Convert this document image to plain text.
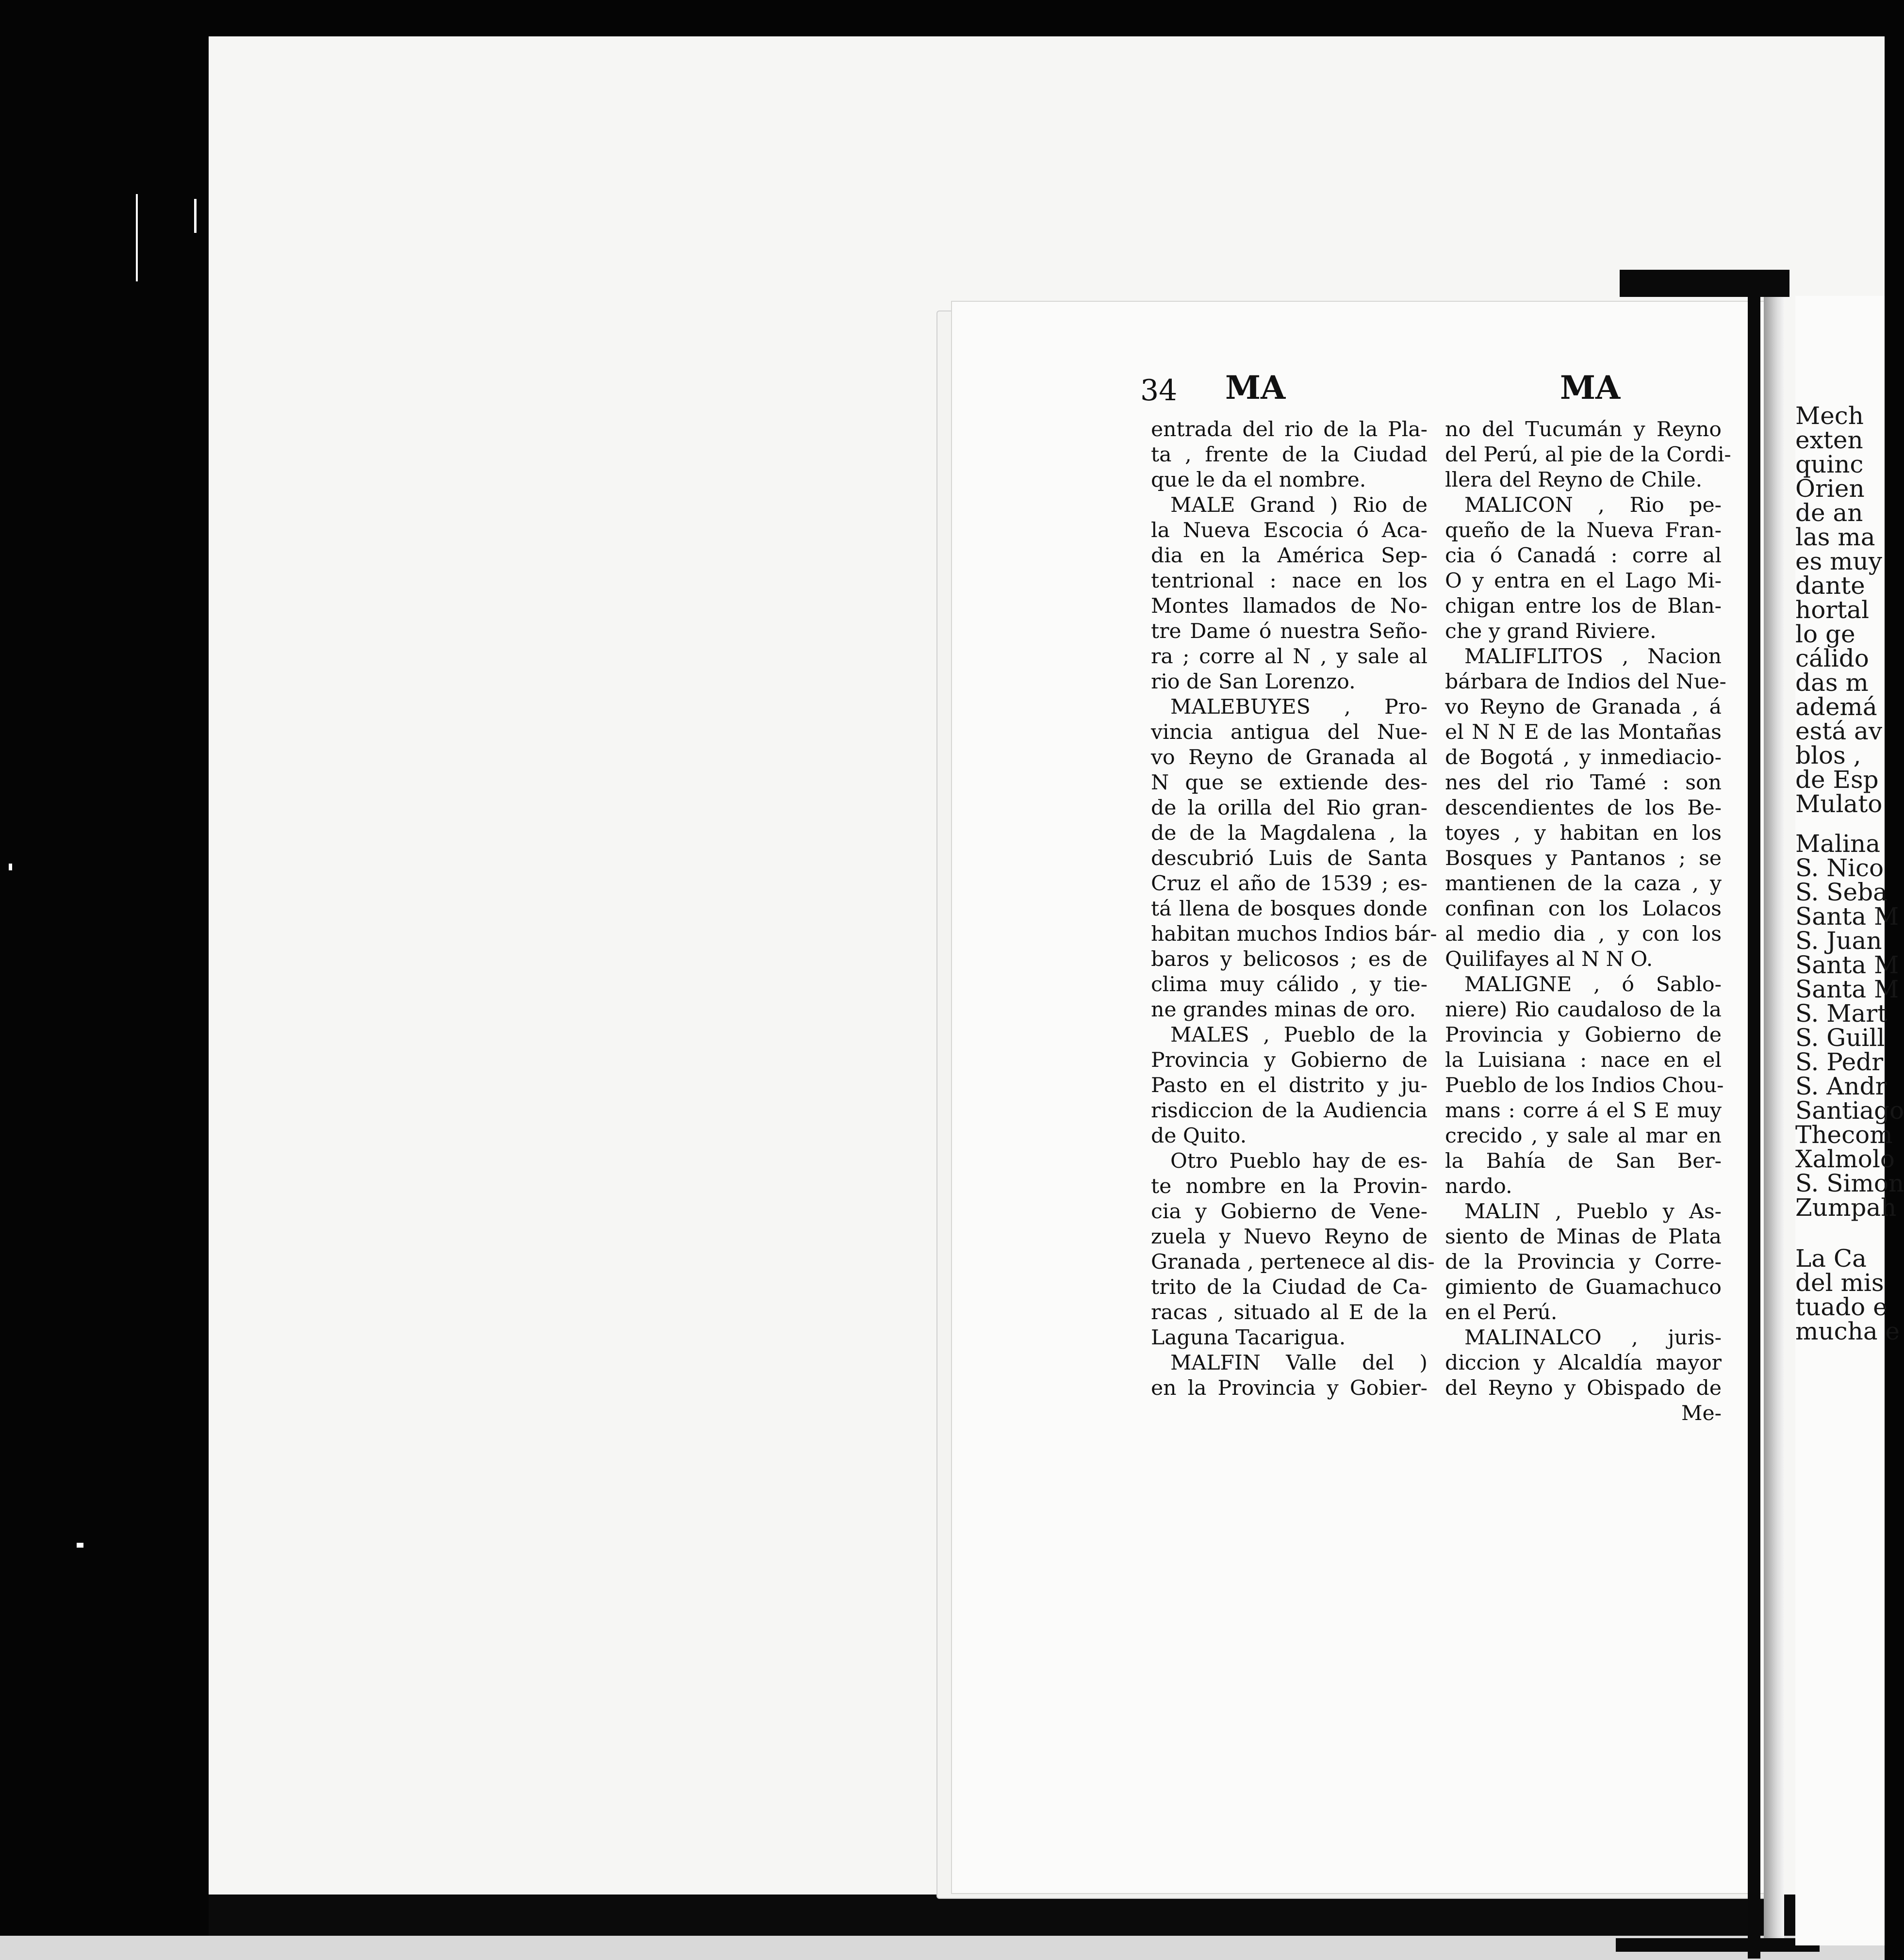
34 MA	MA
entrada del rio de la Pla-
ta , frente de la Ciudad
que le da el nombre.
MALE Grand ) Rio de
la Nueva Escocia ó Aca-
dia en la América Sep-
tentrional : nace en los
Montes llamados de No-
tre Dame ó nuestra Seño-
ra ; corre al N , y sale al
rio de San Lorenzo.
MALEBUYES , Pro-
vincia antigua del Nue-
vo Reyno de Granada al
N que se extiende des-
de la orilla del Rio gran-
de de la Magdalena , la
descubrió Luis de Santa
Cruz el año de 1539 ; es-
tá llena de bosques donde
habitan muchos Indios bár-
baros y belicosos ; es de
clima muy cálido , y tie-
ne grandes minas de oro.
MALES , Pueblo de la
Provincia y Gobierno de
Pasto en el distrito y ju-
risdiccion de la Audiencia
de Quito.
Otro Pueblo hay de es-
te nombre en la Provin-
cia y Gobierno de Vene-
zuela y Nuevo Reyno de
Granada , pertenece al dis-
trito de la Ciudad de Ca-
racas , situado al E de la
Laguna Tacarigua.
MALFIN Valle del )
en la Provincia y Gobier-
no del Tucumán y Reyno
del Perú, al pie de la Cordi-
llera del Reyno de Chile.
MALICON , Rio pe-
queño de la Nueva Fran-
cia ó Canadá : corre al
O y entra en el Lago Mi-
chigan entre los de Blan-
che y grand Riviere.
MALIFLITOS , Nacion
bárbara de Indios del Nue-
vo Reyno de Granada , á
el N N E de las Montañas
de Bogotá , y inmediacio-
nes del rio Tamé : son
descendientes de los Be-
toyes , y habitan en los
Bosques y Pantanos ; se
mantienen de la caza , y
confinan con los Lolacos
al medio dia , y con los
Quilifayes al N N O.
MALIGNE , ó Sablo-
niere) Rio caudaloso de la
Provincia y Gobierno de
la Luisiana : nace en el
Pueblo de los Indios Chou-
mans : corre á el S E muy
crecido , y sale al mar en
la Bahía de San Ber-
nardo.
MALIN , Pueblo y As-
siento de Minas de Plata
de la Provincia y Corre-
gimiento de Guamachuco
en el Perú.
MALINALCO , juris-
diccion y Alcaldía mayor
del Reyno y Obispado de
Me-
Mech
exten
quinc
Orien
de an
las ma
es muy
dante
hortal
lo ge
cálido
das m
ademá
está av
blos ,
de Esp
Mulato
Malina
S. Nico
S. Seba
Santa M
S. Juan
Santa M
Santa M
S. Mart
S. Guill
S. Pedr
S. Andr
Santiago
Thecom
Xalmolo
S. Simon
Zumpah
La Ca
del mis
tuado e
mucha e
